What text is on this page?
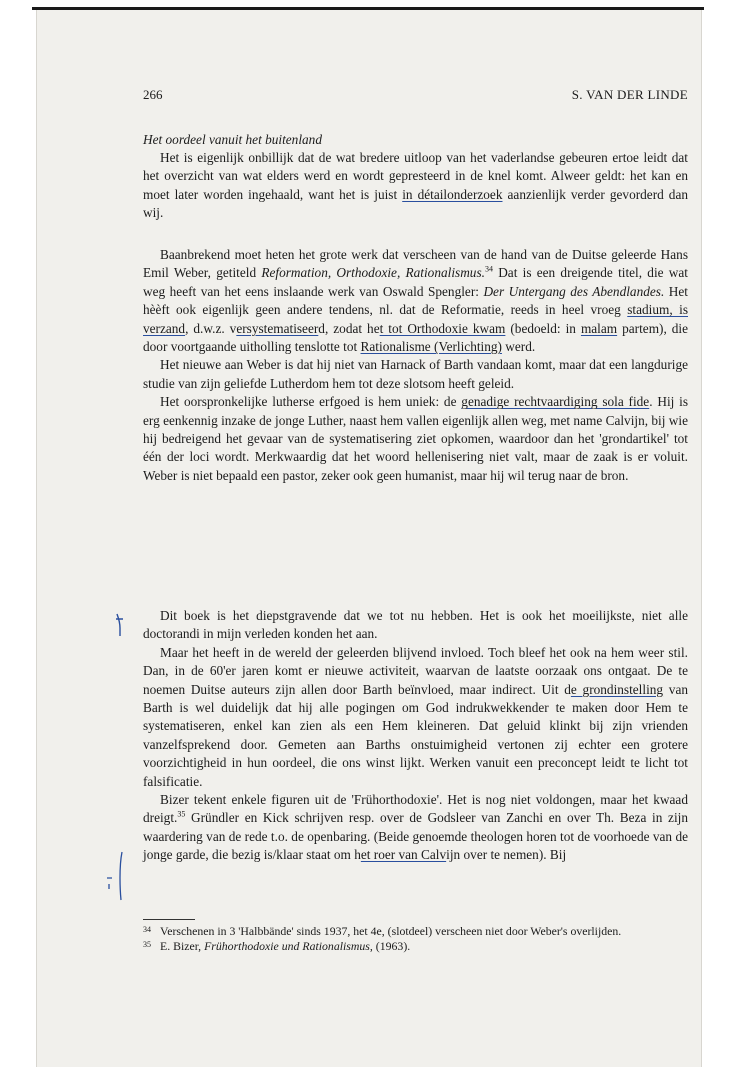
266	S. VAN DER LINDE
Het oordeel vanuit het buitenland

Het is eigenlijk onbillijk dat de wat bredere uitloop van het vaderlandse gebeuren ertoe leidt dat het overzicht van wat elders werd en wordt gepresteerd in de knel komt. Alweer geldt: het kan en moet later worden ingehaald, want het is juist in détailonderzoek aanzienlijk verder gevorderd dan wij.

Baanbrekend moet heten het grote werk dat verscheen van de hand van de Duitse geleerde Hans Emil Weber, getiteld Reformation, Orthodoxie, Rationalismus.$^{34}$ Dat is een dreigende titel, die wat weg heeft van het eens inslaande werk van Oswald Spengler: Der Untergang des Abendlandes. Het hèèft ook eigenlijk geen andere tendens, nl. dat de Reformatie, reeds in heel vroeg stadium, is verzand, d.w.z. versystematiseerd, zodat het tot Orthodoxie kwam (bedoeld: in malam partem), die door voortgaande uitholling tenslotte tot Rationalisme (Verlichting) werd.

Het nieuwe aan Weber is dat hij niet van Harnack of Barth vandaan komt, maar dat een langdurige studie van zijn geliefde Lutherdom hem tot deze slotsom heeft geleid.

Het oorspronkelijke lutherse erfgoed is hem uniek: de genadige rechtvaardiging sola fide. Hij is erg eenkennig inzake de jonge Luther, naast hem vallen eigenlijk allen weg, met name Calvijn, bij wie hij bedreigend het gevaar van de systematisering ziet opkomen, waardoor dan het 'grondartikel' tot één der loci wordt. Merkwaardig dat het woord hellenisering niet valt, maar de zaak is er voluit. Weber is niet bepaald een pastor, zeker ook geen humanist, maar hij wil terug naar de bron.

Dit boek is het diepstgravende dat we tot nu hebben. Het is ook het moeilijkste, niet alle doctorandi in mijn verleden konden het aan.

Maar het heeft in de wereld der geleerden blijvend invloed. Toch bleef het ook na hem weer stil. Dan, in de 60'er jaren komt er nieuwe activiteit, waarvan de laatste oorzaak ons ontgaat. De te noemen Duitse auteurs zijn allen door Barth beïnvloed, maar indirect. Uit de grondinstelling van Barth is wel duidelijk dat hij alle pogingen om God indrukwekkender te maken door Hem te systematiseren, enkel kan zien als een Hem kleineren. Dat geluid klinkt bij zijn vrienden vanzelfsprekend door. Gemeten aan Barths onstuimigheid vertonen zij echter een grotere voorzichtigheid in hun oordeel, die ons winst lijkt. Werken vanuit een preconcept leidt te licht tot falsificatie.

Bizer tekent enkele figuren uit de 'Frühorthodoxie'. Het is nog niet voldongen, maar het kwaad dreigt.$^{35}$ Gründler en Kick schrijven resp. over de Godsleer van Zanchi en over Th. Beza in zijn waardering van de rede t.o. de openbaring. (Beide genoemde theologen horen tot de voorhoede van de jonge garde, die bezig is/klaar staat om het roer van Calvijn over te nemen). Bij

34 Verschenen in 3 'Halbbände' sinds 1937, het 4e, (slotdeel) verscheen niet door Weber's overlijden.
35 E. Bizer, Frühorthodoxie und Rationalismus, (1963).
